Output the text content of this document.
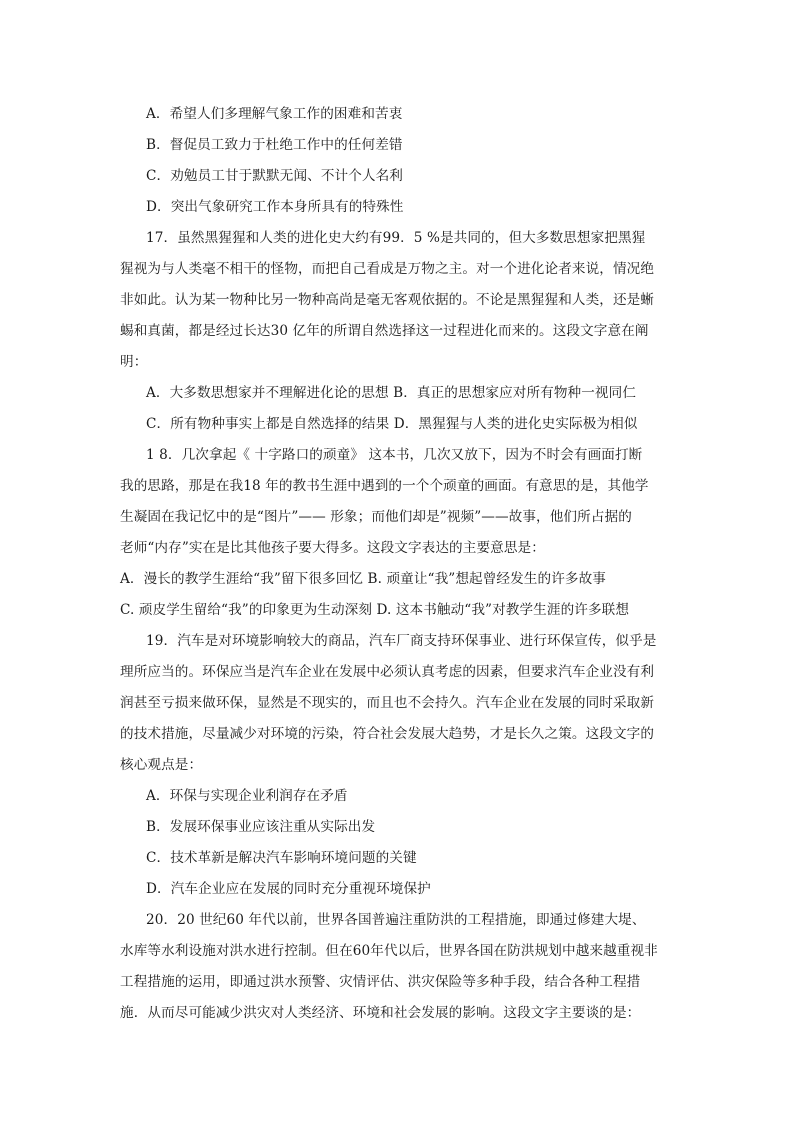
A．希望人们多理解气象工作的困难和苦衷
B．督促员工致力于杜绝工作中的任何差错
C．劝勉员工甘于默默无闻、不计个人名利
D．突出气象研究工作本身所具有的特殊性
17．虽然黑猩猩和人类的进化史大约有99．5 %是共同的，但大多数思想家把黑猩
猩视为与人类毫不相干的怪物，而把自己看成是万物之主。对一个进化论者来说，情况绝
非如此。认为某一物种比另一物种高尚是毫无客观依据的。不论是黑猩猩和人类，还是蜥
蜴和真菌，都是经过长达30 亿年的所谓自然选择这一过程进化而来的。这段文字意在阐
明：
A．大多数思想家并不理解进化论的思想 B．真正的思想家应对所有物种一视同仁
C．所有物种事实上都是自然选择的结果 D．黑猩猩与人类的进化史实际极为相似
1 8．几次拿起《 十字路口的顽童》 这本书，几次又放下，因为不时会有画面打断
我的思路，那是在我18 年的教书生涯中遇到的一个个顽童的画面。有意思的是，其他学
生凝固在我记忆中的是“图片”—— 形象；而他们却是”视频”——故事，他们所占据的
老师“内存”实在是比其他孩子要大得多。这段文字表达的主要意思是：
A．漫长的教学生涯给“我”留下很多回忆 B. 顽童让“我”想起曾经发生的许多故事
C. 顽皮学生留给“我”的印象更为生动深刻 D. 这本书触动“我”对教学生涯的许多联想
19．汽车是对环境影响较大的商品，汽车厂商支持环保事业、进行环保宣传，似乎是
理所应当的。环保应当是汽车企业在发展中必须认真考虑的因素，但要求汽车企业没有利
润甚至亏损来做环保，显然是不现实的，而且也不会持久。汽车企业在发展的同时采取新
的技术措施，尽量减少对环境的污染，符合社会发展大趋势，才是长久之策。这段文字的
核心观点是：
A．环保与实现企业利润存在矛盾
B．发展环保事业应该注重从实际出发
C．技术革新是解决汽车影响环境问题的关键
D．汽车企业应在发展的同时充分重视环境保护
20．20 世纪60 年代以前，世界各国普遍注重防洪的工程措施，即通过修建大堤、
水库等水利设施对洪水进行控制。但在60年代以后，世界各国在防洪规划中越来越重视非
工程措施的运用，即通过洪水预警、灾情评估、洪灾保险等多种手段，结合各种工程措
施．从而尽可能减少洪灾对人类经济、环境和社会发展的影响。这段文字主要谈的是：
